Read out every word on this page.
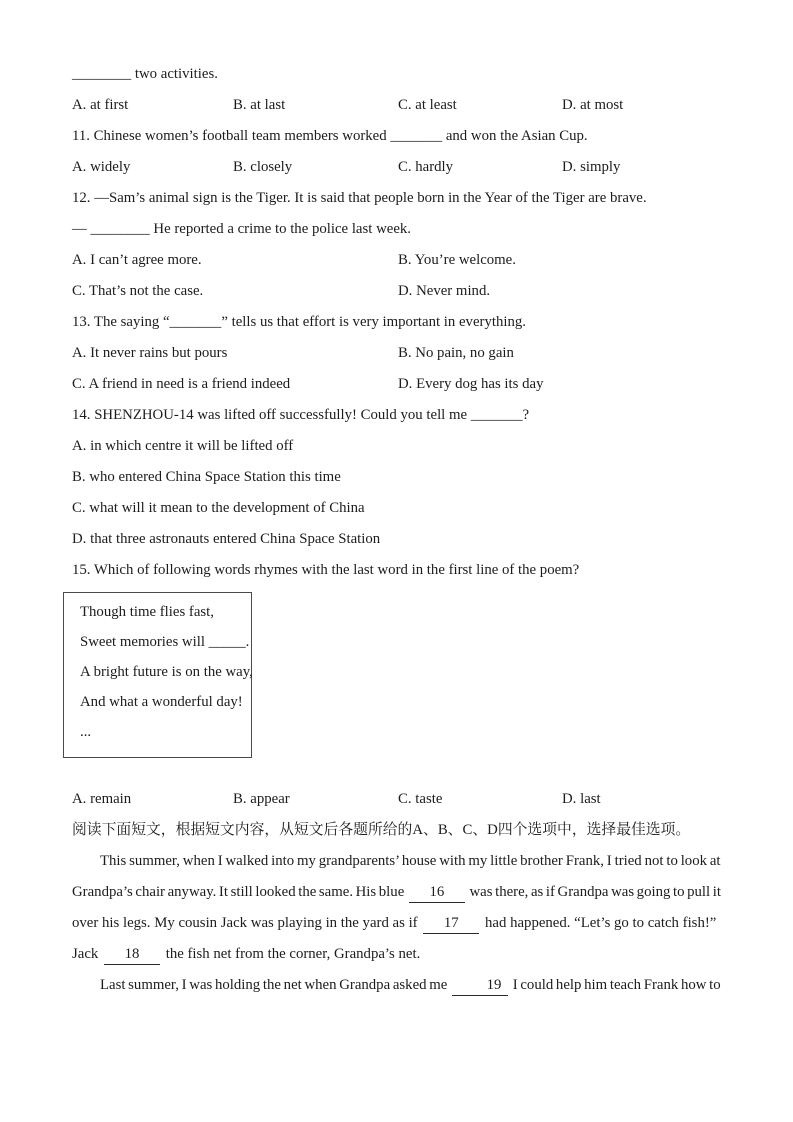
________ two activities.
A. at first	B. at last	C. at least	D. at most
11. Chinese women’s football team members worked _______ and won the Asian Cup.
A. widely	B. closely	C. hardly	D. simply
12. —Sam’s animal sign is the Tiger. It is said that people born in the Year of the Tiger are brave.
— ________ He reported a crime to the police last week.
A. I can’t agree more.	B. You’re welcome.
C. That’s not the case.	D. Never mind.
13. The saying “_______” tells us that effort is very important in everything.
A. It never rains but pours	B. No pain, no gain
C. A friend in need is a friend indeed	D. Every dog has its day
14. SHENZHOU-14 was lifted off successfully! Could you tell me _______?
A. in which centre it will be lifted off
B. who entered China Space Station this time
C. what will it mean to the development of China
D. that three astronauts entered China Space Station
15. Which of following words rhymes with the last word in the first line of the poem?
Though time flies fast,
Sweet memories will _____.
A bright future is on the way,
And what a wonderful day!
...
A. remain	B. appear	C. taste	D. last
阅读下面短文，根据短文内容，从短文后各题所给的A、B、C、D四个选项中，选择最佳选项。
This summer, when I walked into my grandparents’ house with my little brother Frank, I tried not to look at
Grandpa’s chair anyway. It still looked the same. His blue 16 was there, as if Grandpa was going to pull it
over his legs. My cousin Jack was playing in the yard as if 17 had happened. “Let’s go to catch fish!”
Jack 18 the fish net from the corner, Grandpa’s net.
Last summer, I was holding the net when Grandpa asked me	19 I could help him teach Frank how to
